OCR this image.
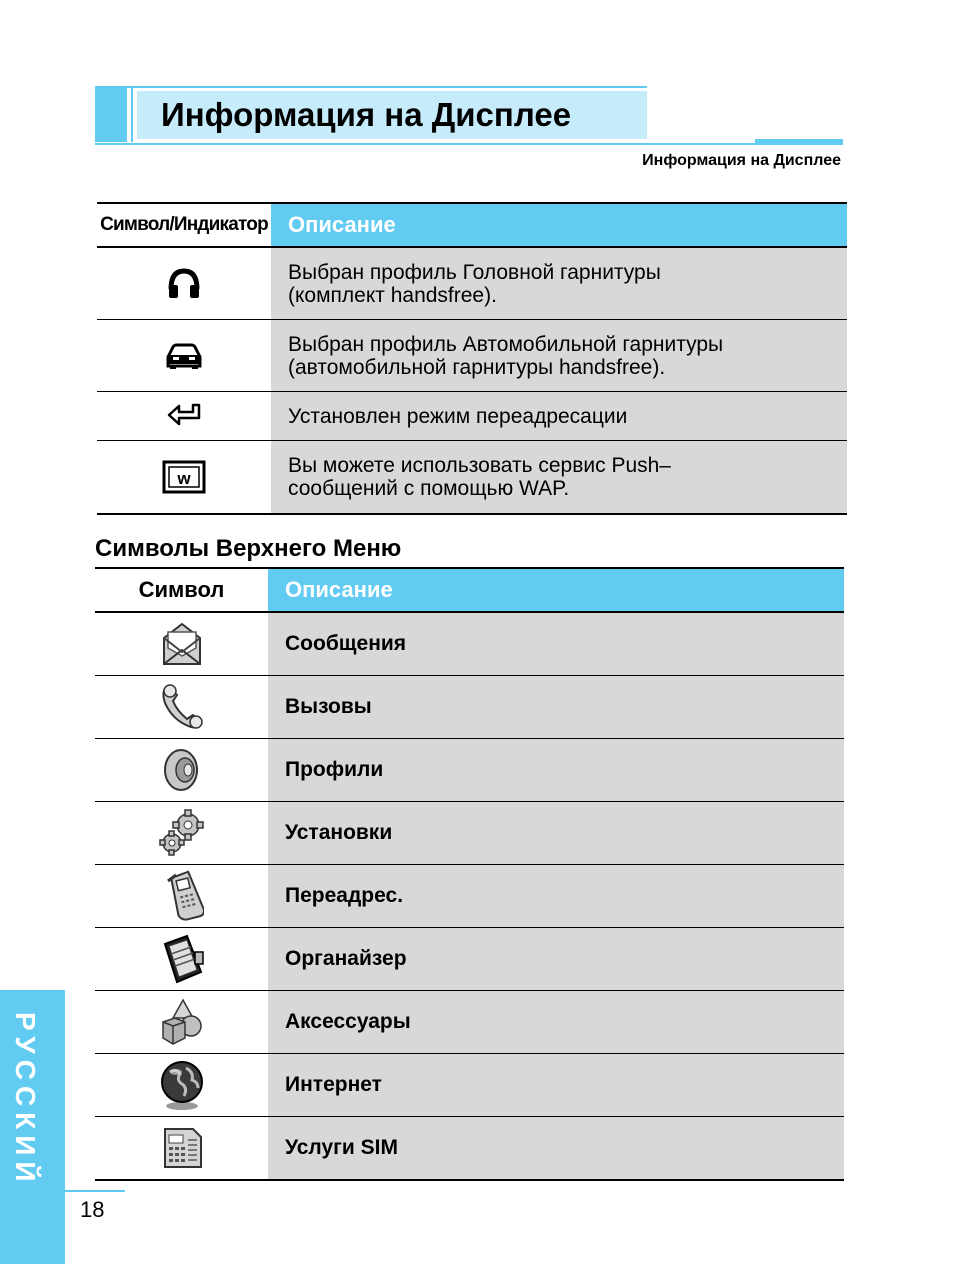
Информация на Дисплее
Информация на Дисплее
Символ/Индикатор Описание
Выбран профиль Головной гарнитуры
(комплект handsfree).
Выбран профиль Автомобильной гарнитуры
(автомобильной гарнитуры handsfree).
Установлен режим переадресации
w
Вы можете использовать сервис Push–
сообщений с помощью WAP.
Символы Верхнего Меню
Символ	Описание
Сообщения
Вызовы
Профили
Установки
Переадрес.
Органайзер
Аксессуары
Интернет
Услуги SIM
РУССКИЙ
18
